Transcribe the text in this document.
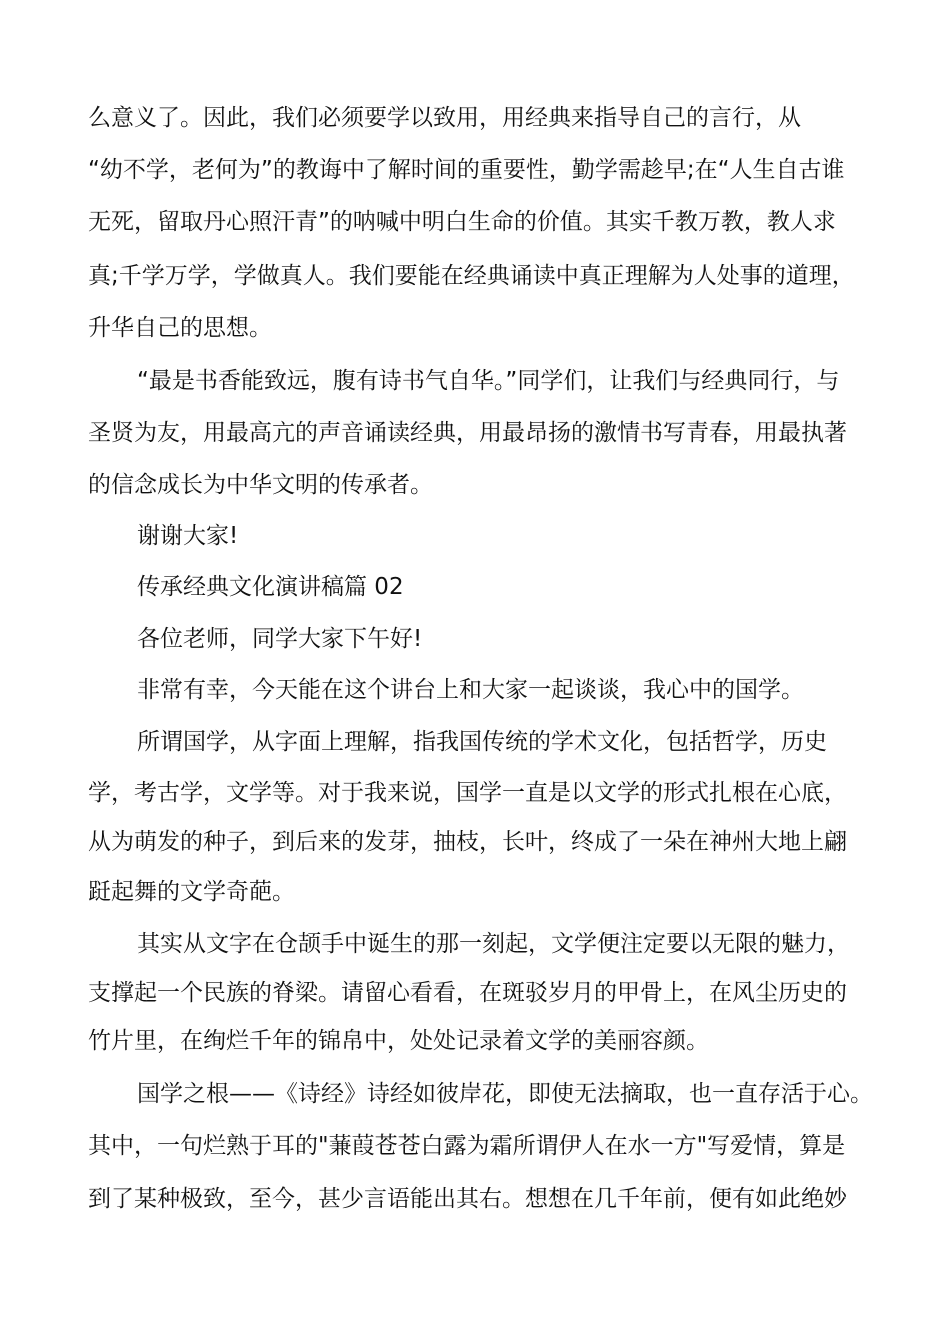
么意义了。因此，我们必须要学以致用，用经典来指导自己的言行，从
“幼不学，老何为”的教诲中了解时间的重要性，勤学需趁早;在“人生自古谁
无死，留取丹心照汗青”的呐喊中明白生命的价值。其实千教万教，教人求
真;千学万学，学做真人。我们要能在经典诵读中真正理解为人处事的道理，
升华自己的思想。
“最是书香能致远，腹有诗书气自华。”同学们，让我们与经典同行，与
圣贤为友，用最高亢的声音诵读经典，用最昂扬的激情书写青春，用最执著
的信念成长为中华文明的传承者。
谢谢大家!
传承经典文化演讲稿篇 02
各位老师，同学大家下午好!
非常有幸，今天能在这个讲台上和大家一起谈谈，我心中的国学。
所谓国学，从字面上理解，指我国传统的学术文化，包括哲学，历史
学，考古学，文学等。对于我来说，国学一直是以文学的形式扎根在心底，
从为萌发的种子，到后来的发芽，抽枝，长叶，终成了一朵在神州大地上翩
跹起舞的文学奇葩。
其实从文字在仓颉手中诞生的那一刻起，文学便注定要以无限的魅力，
支撑起一个民族的脊梁。请留心看看，在斑驳岁月的甲骨上，在风尘历史的
竹片里，在绚烂千年的锦帛中，处处记录着文学的美丽容颜。
国学之根——《诗经》诗经如彼岸花，即使无法摘取，也一直存活于心。
其中，一句烂熟于耳的"蒹葭苍苍白露为霜所谓伊人在水一方"写爱情，算是
到了某种极致，至今，甚少言语能出其右。想想在几千年前，便有如此绝妙
